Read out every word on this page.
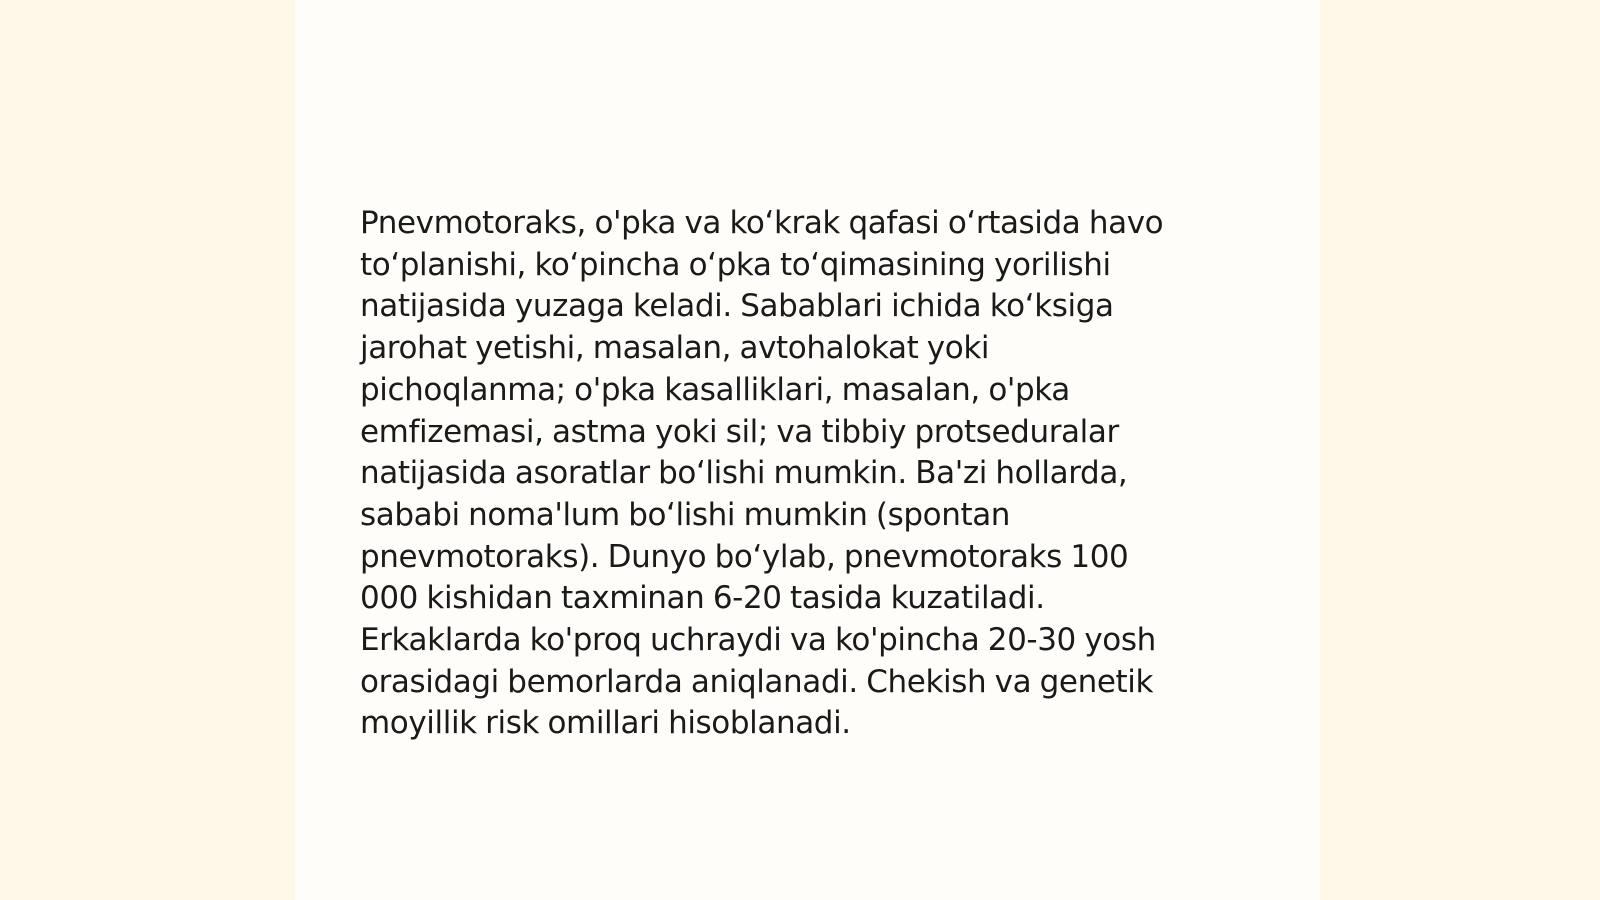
Pnevmotoraks, o'pka va koʻkrak qafasi oʻrtasida havo
toʻplanishi, koʻpincha oʻpka toʻqimasining yorilishi
natijasida yuzaga keladi. Sabablari ichida koʻksiga
jarohat yetishi, masalan, avtohalokat yoki
pichoqlanma; o'pka kasalliklari, masalan, o'pka
emfizemasi, astma yoki sil; va tibbiy protseduralar
natijasida asoratlar boʻlishi mumkin. Ba'zi hollarda,
sababi noma'lum boʻlishi mumkin (spontan
pnevmotoraks). Dunyo boʻylab, pnevmotoraks 100
000 kishidan taxminan 6-20 tasida kuzatiladi.
Erkaklarda ko'proq uchraydi va ko'pincha 20-30 yosh
orasidagi bemorlarda aniqlanadi. Chekish va genetik
moyillik risk omillari hisoblanadi.
